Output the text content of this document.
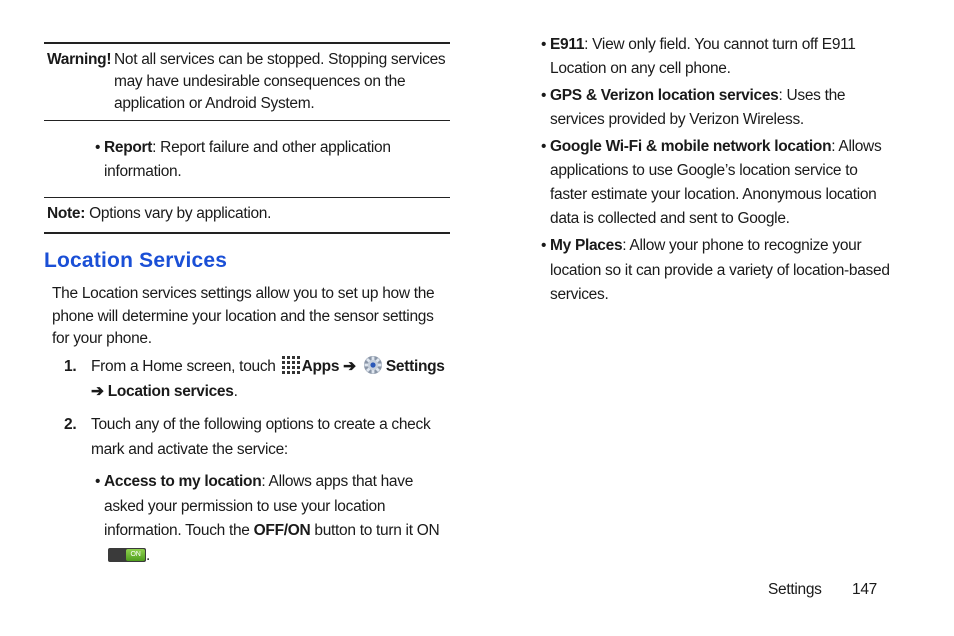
Warning! Not all services can be stopped. Stopping services may have undesirable consequences on the application or Android System.
• Report: Report failure and other application information.
Note: Options vary by application.
Location Services
The Location services settings allow you to set up how the phone will determine your location and the sensor settings for your phone.
1. From a Home screen, touch Apps ➔ Settings
➔ Location services.
2. Touch any of the following options to create a check mark and activate the service:
• Access to my location: Allows apps that have asked your permission to use your location information. Touch the OFF/ON button to turn it ON
ON .
• E911: View only field. You cannot turn off E911 Location on any cell phone.
• GPS & Verizon location services: Uses the services provided by Verizon Wireless.
• Google Wi-Fi & mobile network location: Allows applications to use Google’s location service to faster estimate your location. Anonymous location data is collected and sent to Google.
• My Places: Allow your phone to recognize your location so it can provide a variety of location-based services.
Settings 147
